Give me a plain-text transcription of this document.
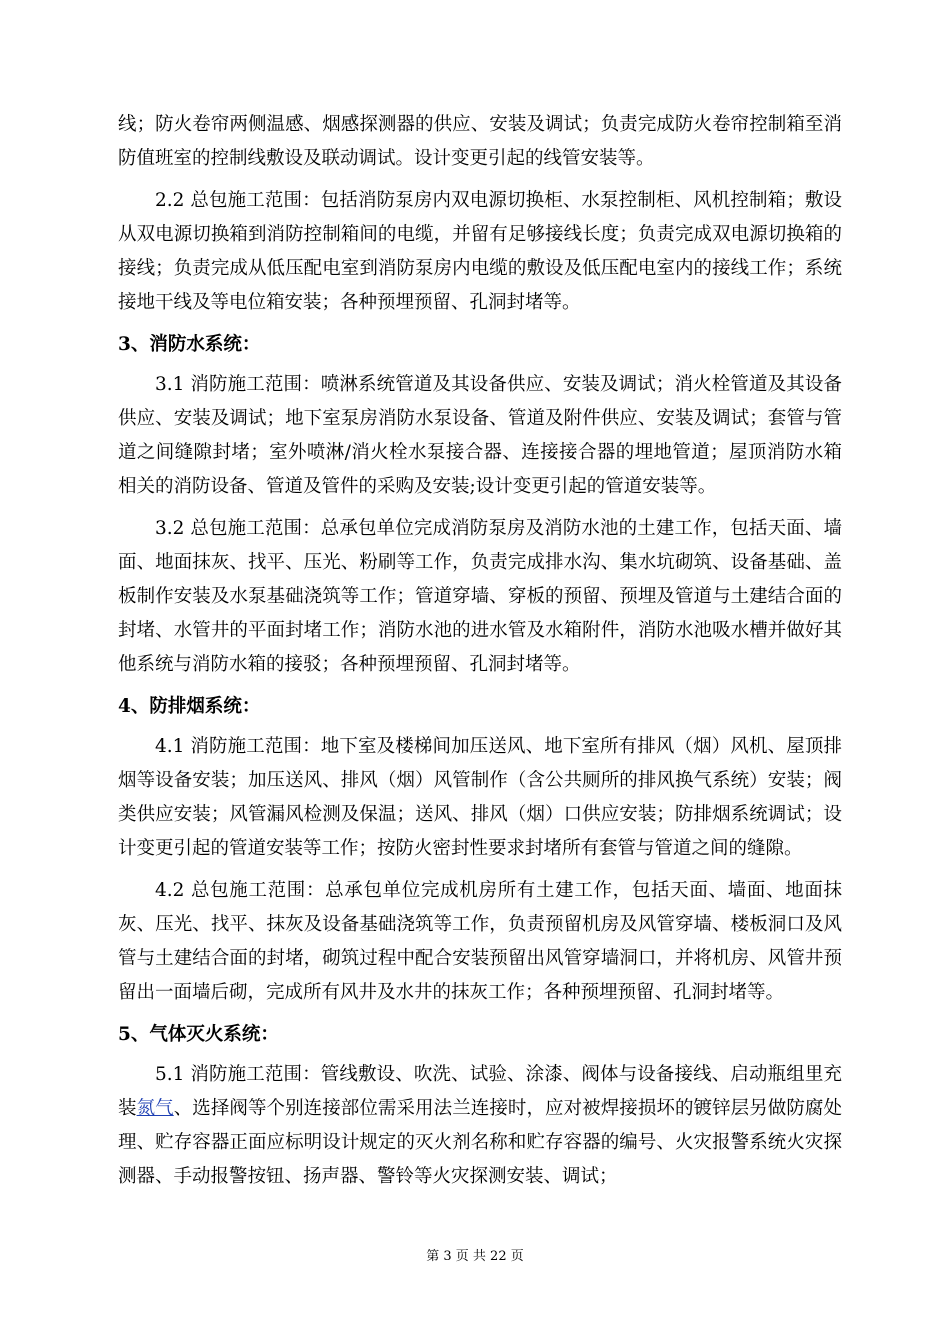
线；防火卷帘两侧温感、烟感探测器的供应、安装及调试；负责完成防火卷帘控制箱至消防值班室的控制线敷设及联动调试。设计变更引起的线管安装等。

2.2 总包施工范围：包括消防泵房内双电源切换柜、水泵控制柜、风机控制箱；敷设从双电源切换箱到消防控制箱间的电缆，并留有足够接线长度；负责完成双电源切换箱的接线；负责完成从低压配电室到消防泵房内电缆的敷设及低压配电室内的接线工作；系统接地干线及等电位箱安装；各种预埋预留、孔洞封堵等。

3、消防水系统：

3.1 消防施工范围：喷淋系统管道及其设备供应、安装及调试；消火栓管道及其设备供应、安装及调试；地下室泵房消防水泵设备、管道及附件供应、安装及调试；套管与管道之间缝隙封堵；室外喷淋/消火栓水泵接合器、连接接合器的埋地管道；屋顶消防水箱相关的消防设备、管道及管件的采购及安装;设计变更引起的管道安装等。

3.2 总包施工范围：总承包单位完成消防泵房及消防水池的土建工作，包括天面、墙面、地面抹灰、找平、压光、粉刷等工作，负责完成排水沟、集水坑砌筑、设备基础、盖板制作安装及水泵基础浇筑等工作；管道穿墙、穿板的预留、预埋及管道与土建结合面的封堵、水管井的平面封堵工作；消防水池的进水管及水箱附件，消防水池吸水槽并做好其他系统与消防水箱的接驳；各种预埋预留、孔洞封堵等。

4、防排烟系统：

4.1 消防施工范围：地下室及楼梯间加压送风、地下室所有排风（烟）风机、屋顶排烟等设备安装；加压送风、排风（烟）风管制作（含公共厕所的排风换气系统）安装；阀类供应安装；风管漏风检测及保温；送风、排风（烟）口供应安装；防排烟系统调试；设计变更引起的管道安装等工作；按防火密封性要求封堵所有套管与管道之间的缝隙。

4.2 总包施工范围：总承包单位完成机房所有土建工作，包括天面、墙面、地面抹灰、压光、找平、抹灰及设备基础浇筑等工作，负责预留机房及风管穿墙、楼板洞口及风管与土建结合面的封堵，砌筑过程中配合安装预留出风管穿墙洞口，并将机房、风管井预留出一面墙后砌，完成所有风井及水井的抹灰工作；各种预埋预留、孔洞封堵等。

5、气体灭火系统：

5.1 消防施工范围：管线敷设、吹洗、试验、涂漆、阀体与设备接线、启动瓶组里充装氮气、选择阀等个别连接部位需采用法兰连接时，应对被焊接损坏的镀锌层另做防腐处理、贮存容器正面应标明设计规定的灭火剂名称和贮存容器的编号、火灾报警系统火灾探测器、手动报警按钮、扬声器、警铃等火灾探测安装、调试；

第 3 页 共 22 页
